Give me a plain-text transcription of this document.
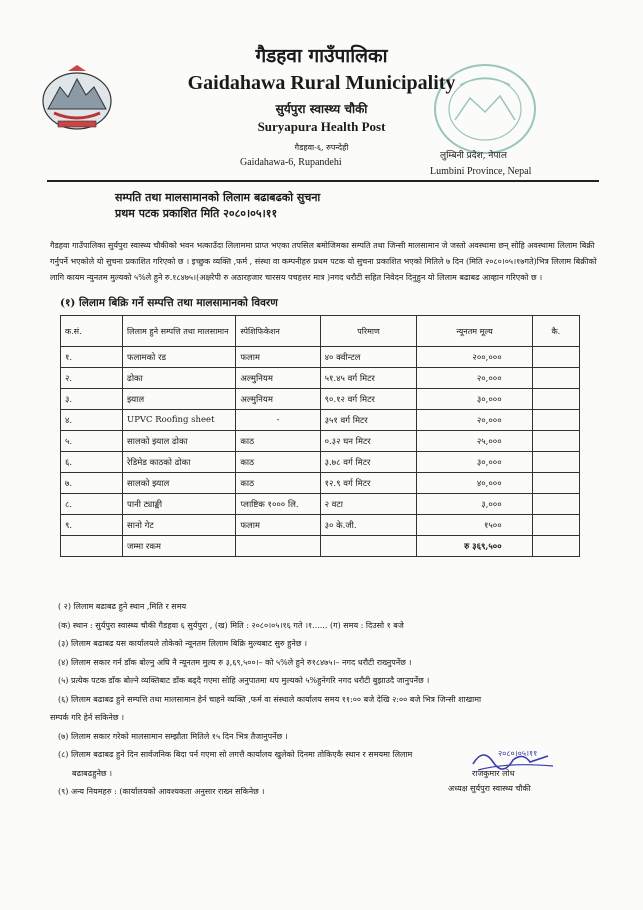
गैडहवा गाउँपालिका
Gaidahawa Rural Municipality
सुर्यपुरा स्वास्थ्य चौकी
Suryapura Health Post
गैडहवा-६, रुपन्देही
Gaidahawa-6, Rupandehi
लुम्बिनी प्रदेश, नेपाल
Lumbini Province, Nepal
सम्पति तथा मालसामानको लिलाम बढाबढको सुचना
प्रथम पटक प्रकाशित मिति २०८०।०५।११
गैडहवा गाउँपालिका सुर्यपुरा स्वास्थ्य चौकीको भवन भत्काउँदा लिलाममा प्राप्त भएका तपसिल बमोजिमका सम्पति तथा जिन्सी मालसामान जे जस्तो अवस्थामा छन् सोहि अवस्थामा लिलाम बिक्री गर्नुपर्ने भएकोले यो सुचना प्रकाशित गरिएको छ । इच्छुक व्यक्ति ,फर्म , संस्था वा कम्पनीहरु प्रथम पटक यो सुचना प्रकाशित भएको मितिले ७ दिन (मिति २०८०।०५।१७गते)भित्र लिलाम बिक्रीको लागि कायम न्युनतम मुल्यको ५%ले हुने रु.१८४७५।(अक्षरेपी रु अठारहजार चारसय पचहत्तर मात्र )नगद धरौटी सहित निवेदन दिनुहुन यो लिलाम बढाबढ आव्हान गरिएको छ ।
(१) लिलाम बिक्रि गर्ने सम्पत्ति तथा मालसामानको विवरण
क.सं.	लिलाम हुने सम्पत्ति तथा मालसामान	स्पेशिफिकेशन	परिमाण	न्यूनतम मूल्य	कै.
१.	फलामको रड	फलाम	४० क्वीन्टल	२००,०००	
२.	ढोका	अल्मुनियम	५१.४५ वर्ग मिटर	२०,०००	
३.	झ्याल	अल्मुनियम	९०.१२ वर्ग मिटर	३०,०००	
४.	UPVC Roofing sheet	-	३५१ वर्ग मिटर	२०,०००	
५.	सालको झ्याल ढोका	काठ	०.३२ घन मिटर	२५,०००	
६.	रेडिमेड काठको ढोका	काठ	३.७८ वर्ग मिटर	३०,०००	
७.	सालको झ्याल	काठ	१२.९ वर्ग मिटर	४०,०००	
८.	पानी ट्याङ्की	प्लाष्टिक १००० लि.	२ वटा	३,०००	
९.	सानो गेट	फलाम	३० के.जी.	१५००	
	जम्मा रकम			रु ३६९,५००	
( २) लिलाम बढाबढ हुने स्थान ,मिति र समय
(क) स्थान : सुर्यपुरा स्वास्थ्य चौकी गैडहवा ६ सुर्यपुरा , (ख) मिति : २०८०।०५।१६ गते ।१...... (ग) समय : दिउसो १ बजे
(३) लिलाम बढाबढ यस कार्यालयले तोकेको न्यूनतम लिलाम बिक्रि मुल्यबाट सुरु हुनेछ ।
(४) लिलाम सकार गर्न डाँक बोल्नु अघि नै न्यूनतम मुल्य रु ३,६९,५००।– को ५%ले हुने रु१८४७५।– नगद धरौटी राख्नुपर्नेछ ।
(५) प्रत्येक पटक डाँक बोल्ने व्यक्तिबाट डाँक बढ्दै गएमा सोहि अनुपातमा थप मुल्यको ५%हुनेगरि नगद धरौटी बुझाउदै जानुपर्नेछ ।
(६) लिलाम बढाबढ हुने सम्पत्ति तथा मालसामान हेर्न चाहने व्यक्ति ,फर्म वा संस्थाले कार्यालय समय ११:०० बजे देखि २:०० बजे भित्र जिन्सी शाखामा
सम्पर्क गरि हेर्न सकिनेछ ।
(७) लिलाम सकार गरेको मालसामान सम्झौता मितिले १५ दिन भित्र तैजानुपर्नेछ ।
(८) लिलाम बढाबढ हुने दिन सार्वजनिक बिदा पर्न गएमा सो लगत्तै कार्यालय खुलेको दिनमा तोकिएकै स्थान र समयमा लिलाम
बढाबढहुनेछ ।
(९) अन्य नियमहरु : (कार्यालयको आवश्यकता अनुसार राख्न सकिनेछ ।
२०८०।०५।११
राजकुमार लोध
अध्यक्ष सुर्यपुरा स्वास्थ्य चौकी
